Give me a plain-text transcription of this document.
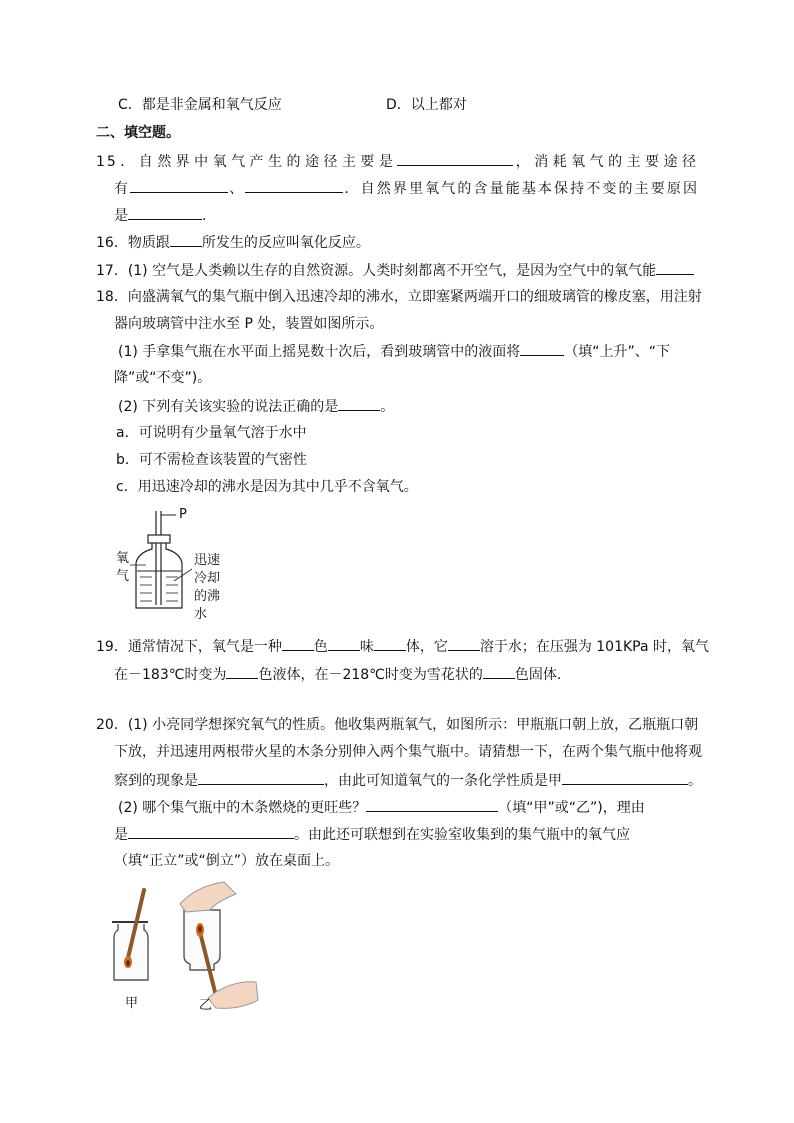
C．都是非金属和氧气反应	D．以上都对
二、填空题。
15．自然界中氧气产生的途径主要是	，消耗氧气的主要途径
有	、	．自然界里氧气的含量能基本保持不变的主要原因
是	.
16．物质跟 所发生的反应叫氧化反应。
17．(1) 空气是人类赖以生存的自然资源。人类时刻都离不开空气，是因为空气中的氧气能
18．向盛满氧气的集气瓶中倒入迅速冷却的沸水，立即塞紧两端开口的细玻璃管的橡皮塞，用注射
器向玻璃管中注水至 P 处，装置如图所示。
(1) 手拿集气瓶在水平面上摇晃数十次后，看到玻璃管中的液面将	（填“上升”、“下
降”或“不变”)。
(2) 下列有关该实验的说法正确的是	。
a．可说明有少量氧气溶于水中
b．可不需检查该装置的气密性
c．用迅速冷却的沸水是因为其中几乎不含氧气。
P
氧
气
迅速
冷却
的沸
水
19．通常情况下，氧气是一种 色 味 体，它 溶于水；在压强为 101KPa 时，氧气
在－183℃时变为 色液体，在－218℃时变为雪花状的 色固体.
20．(1) 小亮同学想探究氧气的性质。他收集两瓶氧气，如图所示：甲瓶瓶口朝上放，乙瓶瓶口朝
下放，并迅速用两根带火星的木条分别伸入两个集气瓶中。请猜想一下，在两个集气瓶中他将观
察到的现象是	，由此可知道氧气的一条化学性质是甲	。
(2) 哪个集气瓶中的木条燃烧的更旺些？	（填“甲”或“乙”)，理由
是	。由此还可联想到在实验室收集到的集气瓶中的氧气应
（填“正立”或“倒立”）放在桌面上。
甲	乙
